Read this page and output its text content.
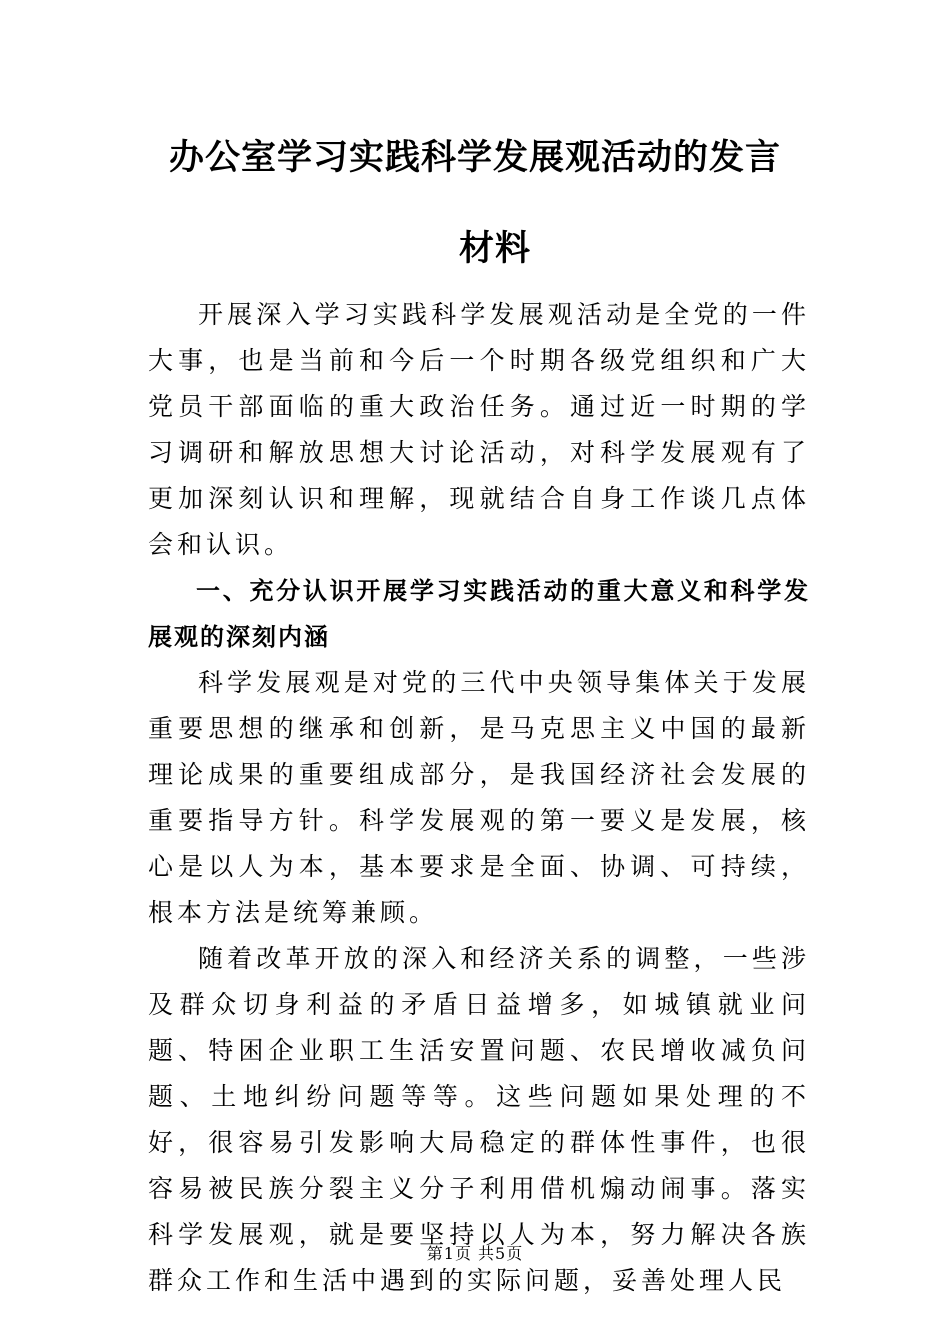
办公室学习实践科学发展观活动的发言
材料

开展深入学习实践科学发展观活动是全党的一件大事，也是当前和今后一个时期各级党组织和广大党员干部面临的重大政治任务。通过近一时期的学习调研和解放思想大讨论活动，对科学发展观有了更加深刻认识和理解，现就结合自身工作谈几点体会和认识。

一、充分认识开展学习实践活动的重大意义和科学发展观的深刻内涵

科学发展观是对党的三代中央领导集体关于发展重要思想的继承和创新，是马克思主义中国的最新理论成果的重要组成部分，是我国经济社会发展的重要指导方针。科学发展观的第一要义是发展，核心是以人为本，基本要求是全面、协调、可持续，根本方法是统筹兼顾。

随着改革开放的深入和经济关系的调整，一些涉及群众切身利益的矛盾日益增多，如城镇就业问题、特困企业职工生活安置问题、农民增收减负问题、土地纠纷问题等等。这些问题如果处理的不好，很容易引发影响大局稳定的群体性事件，也很容易被民族分裂主义分子利用借机煽动闹事。落实科学发展观，就是要坚持以人为本，努力解决各族群众工作和生活中遇到的实际问题，妥善处理人民

第1页 共5页
